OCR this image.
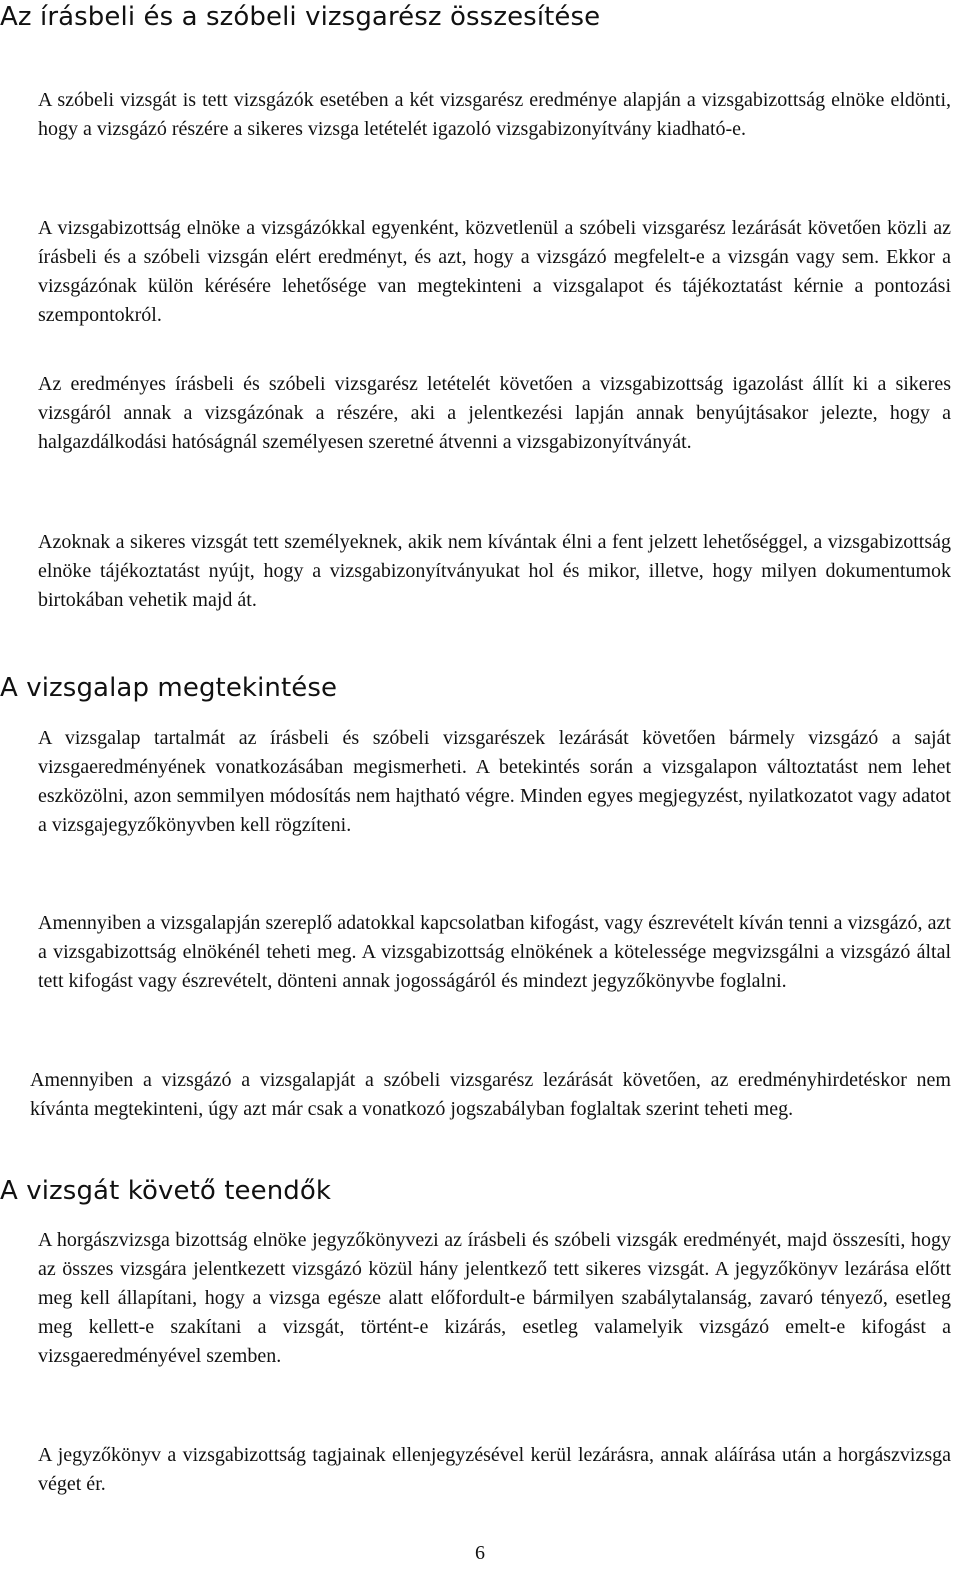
Az írásbeli és a szóbeli vizsgarész összesítése

A szóbeli vizsgát is tett vizsgázók esetében a két vizsgarész eredménye alapján a vizsgabizottság elnöke eldönti, hogy a vizsgázó részére a sikeres vizsga letételét igazoló vizsgabizonyítvány kiadható-e.

A vizsgabizottság elnöke a vizsgázókkal egyenként, közvetlenül a szóbeli vizsgarész lezárását követően közli az írásbeli és a szóbeli vizsgán elért eredményt, és azt, hogy a vizsgázó megfelelt-e a vizsgán vagy sem. Ekkor a vizsgázónak külön kérésére lehetősége van megtekinteni a vizsgalapot és tájékoztatást kérnie a pontozási szempontokról.

Az eredményes írásbeli és szóbeli vizsgarész letételét követően a vizsgabizottság igazolást állít ki a sikeres vizsgáról annak a vizsgázónak a részére, aki a jelentkezési lapján annak benyújtásakor jelezte, hogy a halgazdálkodási hatóságnál személyesen szeretné átvenni a vizsgabizonyítványát.

Azoknak a sikeres vizsgát tett személyeknek, akik nem kívántak élni a fent jelzett lehetőséggel, a vizsgabizottság elnöke tájékoztatást nyújt, hogy a vizsgabizonyítványukat hol és mikor, illetve, hogy milyen dokumentumok birtokában vehetik majd át.

A vizsgalap megtekintése

A vizsgalap tartalmát az írásbeli és szóbeli vizsgarészek lezárását követően bármely vizsgázó a saját vizsgaeredményének vonatkozásában megismerheti. A betekintés során a vizsgalapon változtatást nem lehet eszközölni, azon semmilyen módosítás nem hajtható végre. Minden egyes megjegyzést, nyilatkozatot vagy adatot a vizsgajegyzőkönyvben kell rögzíteni.

Amennyiben a vizsgalapján szereplő adatokkal kapcsolatban kifogást, vagy észrevételt kíván tenni a vizsgázó, azt a vizsgabizottság elnökénél teheti meg. A vizsgabizottság elnökének a kötelessége megvizsgálni a vizsgázó által tett kifogást vagy észrevételt, dönteni annak jogosságáról és mindezt jegyzőkönyvbe foglalni.

Amennyiben a vizsgázó a vizsgalapját a szóbeli vizsgarész lezárását követően, az eredményhirdetéskor nem kívánta megtekinteni, úgy azt már csak a vonatkozó jogszabályban foglaltak szerint teheti meg.

A vizsgát követő teendők

A horgászvizsga bizottság elnöke jegyzőkönyvezi az írásbeli és szóbeli vizsgák eredményét, majd összesíti, hogy az összes vizsgára jelentkezett vizsgázó közül hány jelentkező tett sikeres vizsgát. A jegyzőkönyv lezárása előtt meg kell állapítani, hogy a vizsga egésze alatt előfordult-e bármilyen szabálytalanság, zavaró tényező, esetleg meg kellett-e szakítani a vizsgát, történt-e kizárás, esetleg valamelyik vizsgázó emelt-e kifogást a vizsgaeredményével szemben.

A jegyzőkönyv a vizsgabizottság tagjainak ellenjegyzésével kerül lezárásra, annak aláírása után a horgászvizsga véget ér.

6
